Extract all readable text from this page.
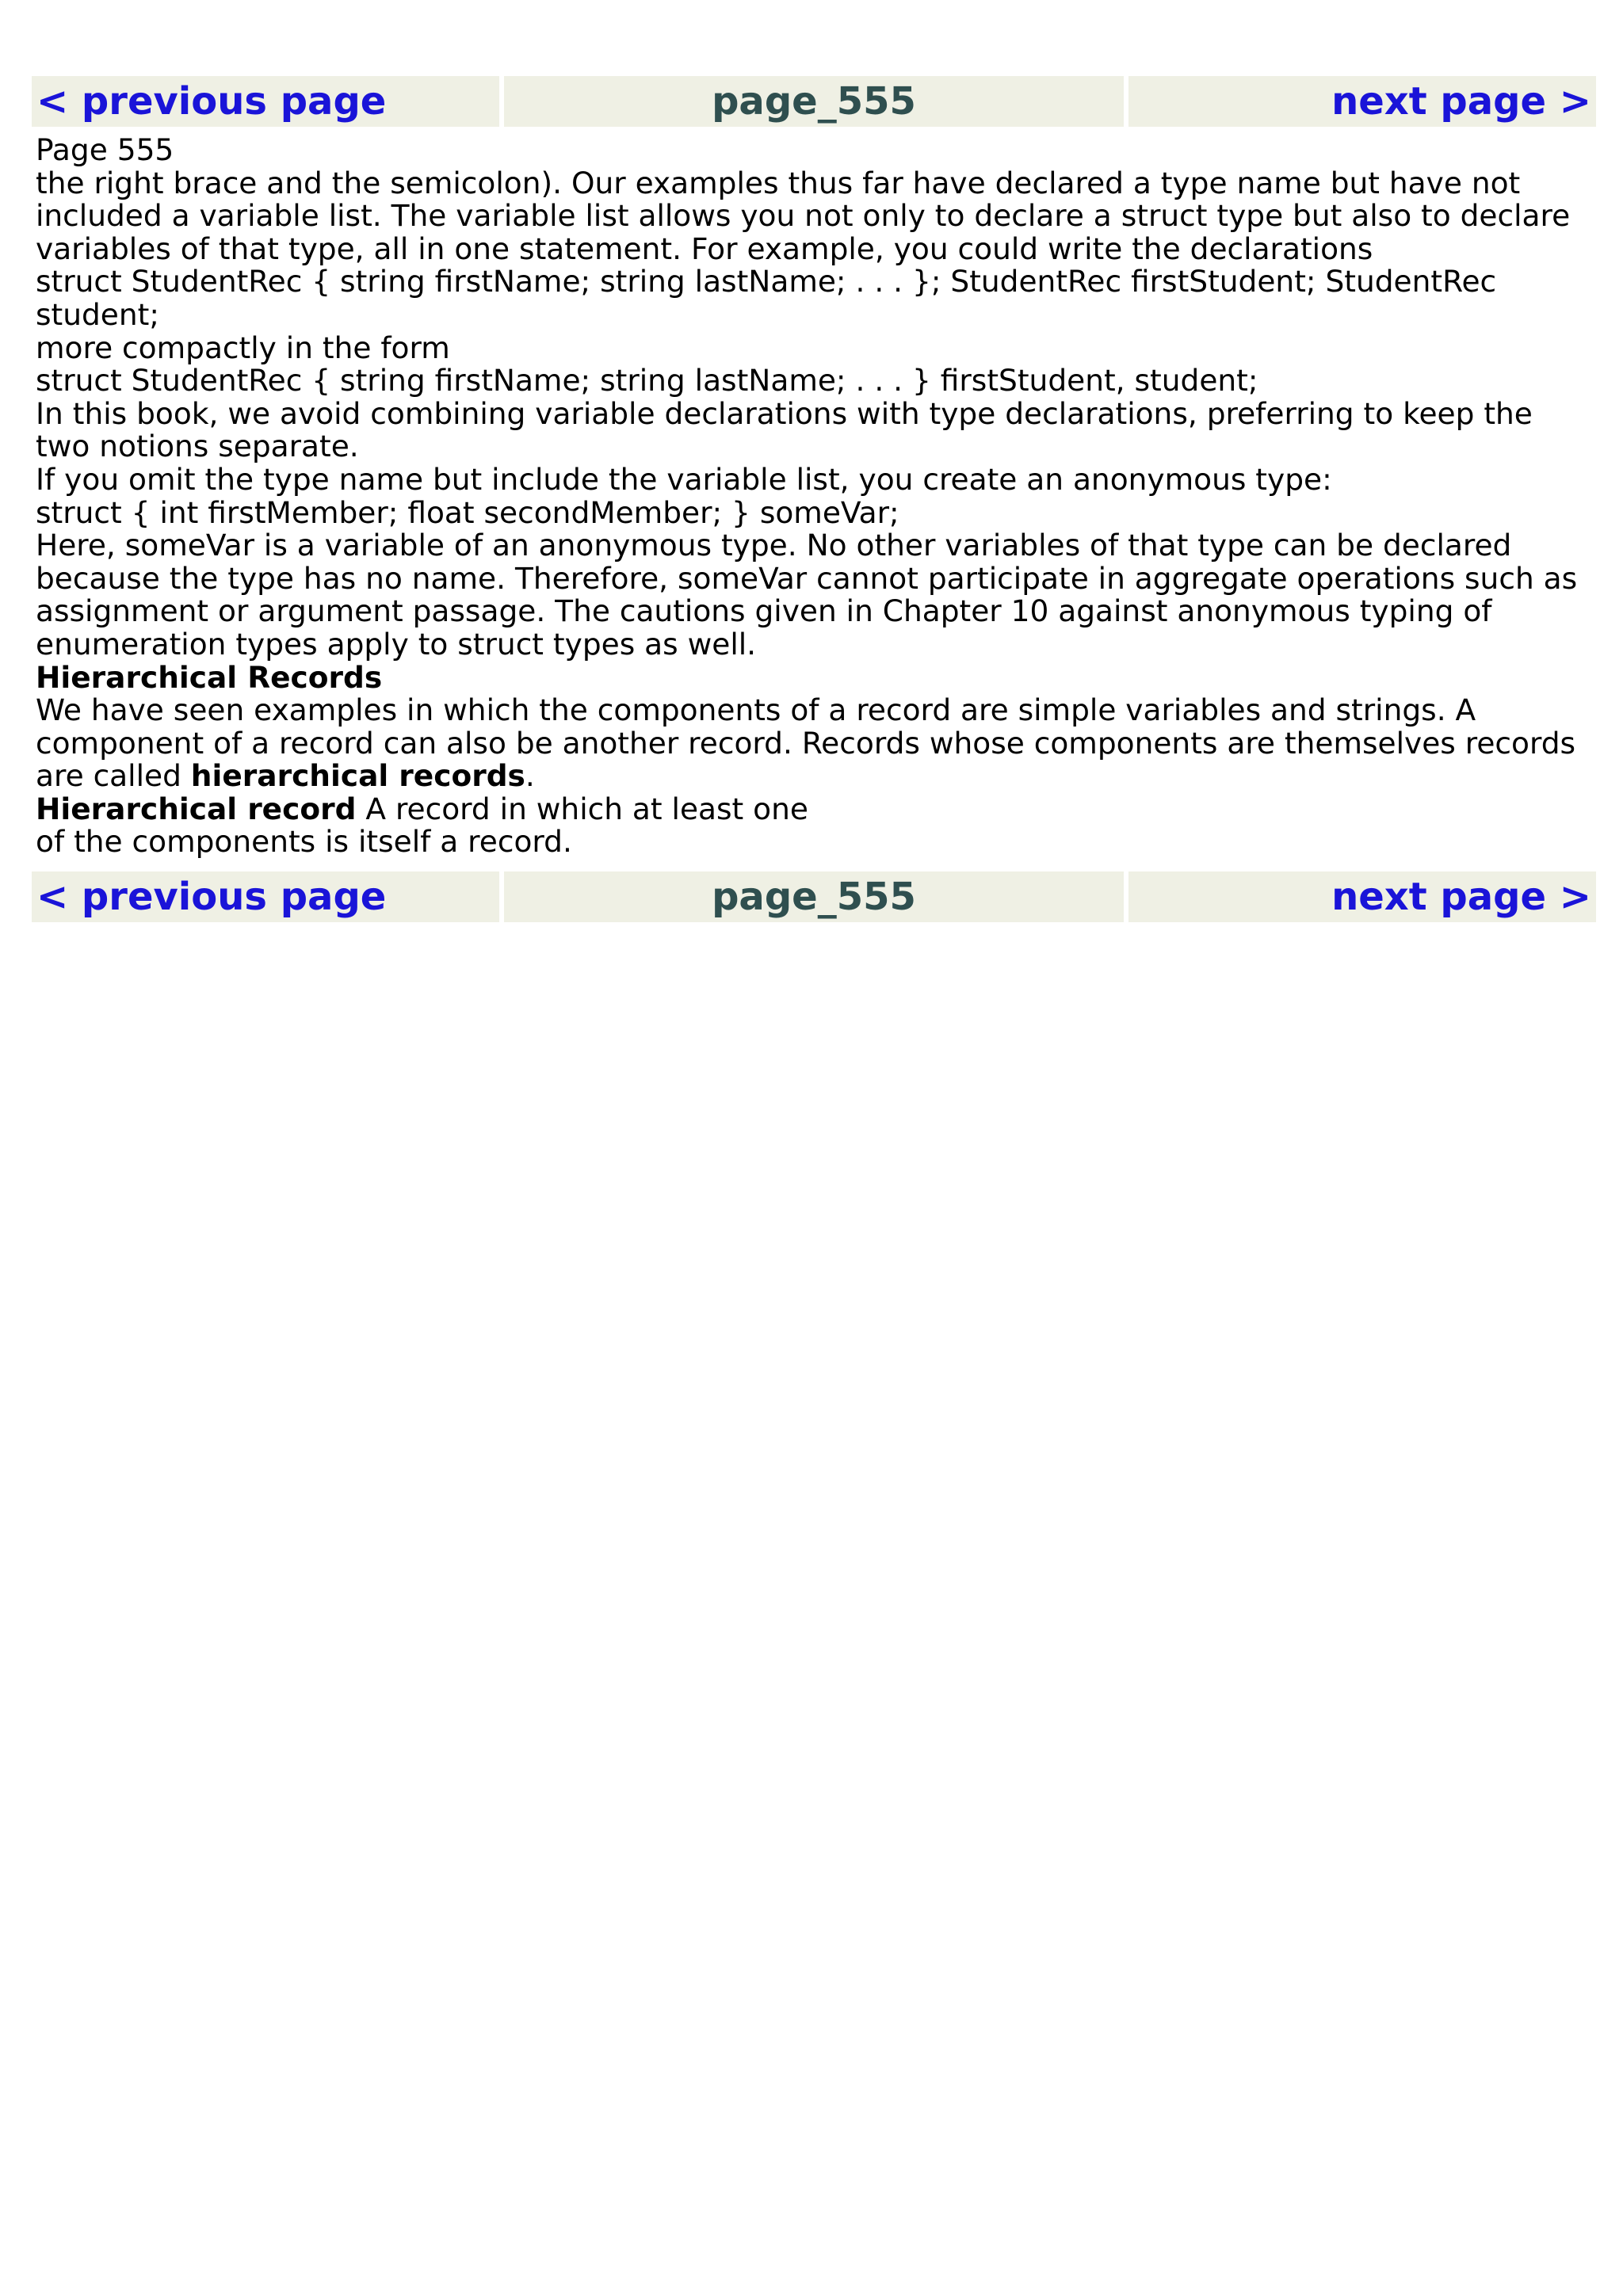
< previous page	page_555	next page >

Page 555

the right brace and the semicolon). Our examples thus far have declared a type name but have not included a variable list. The variable list allows you not only to declare a struct type but also to declare variables of that type, all in one statement. For example, you could write the declarations

struct StudentRec { string firstName; string lastName; . . . }; StudentRec firstStudent; StudentRec student;

more compactly in the form

struct StudentRec { string firstName; string lastName; . . . } firstStudent, student;

In this book, we avoid combining variable declarations with type declarations, preferring to keep the two notions separate.

If you omit the type name but include the variable list, you create an anonymous type:

struct { int firstMember; float secondMember; } someVar;

Here, someVar is a variable of an anonymous type. No other variables of that type can be declared because the type has no name. Therefore, someVar cannot participate in aggregate operations such as assignment or argument passage. The cautions given in Chapter 10 against anonymous typing of enumeration types apply to struct types as well.

Hierarchical Records

We have seen examples in which the components of a record are simple variables and strings. A component of a record can also be another record. Records whose components are themselves records are called hierarchical records.

Hierarchical record A record in which at least one
of the components is itself a record.

< previous page	page_555	next page >
